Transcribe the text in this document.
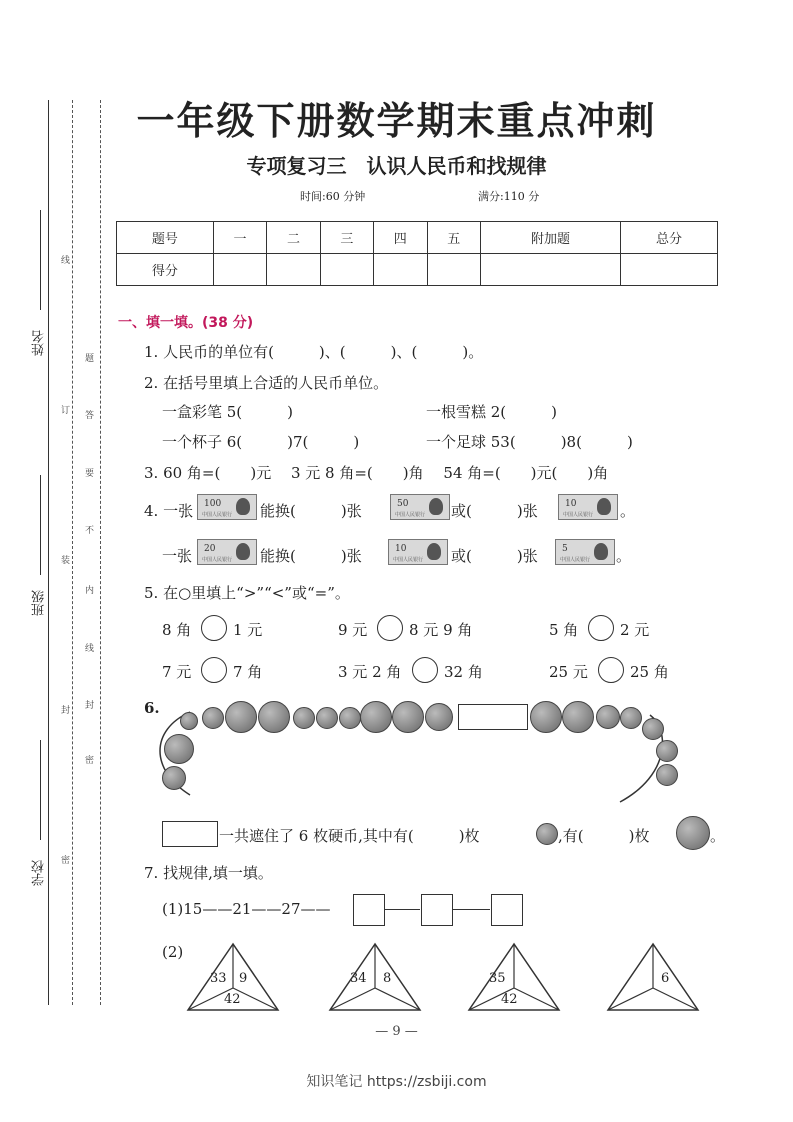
姓名
班级
学校
题
答
要
不
内
线
封
密
线
订
装
封
密
一年级下册数学期末重点冲刺
专项复习三　认识人民币和找规律
时间:60 分钟	满分:110 分
题号	一	二	三	四	五	附加题	总分
得分							
一、填一填。(38 分)
1. 人民币的单位有(　　　)、(　　　)、(　　　)。
2. 在括号里填上合适的人民币单位。
一盒彩笔 5(　　　)	一根雪糕 2(　　　)
一个杯子 6(　　　)7(　　　)	一个足球 53(　　　)8(　　　)
3. 60 角=(　　)元　 3 元 8 角=(　　)角　 54 角=(　　)元(　　)角
4. 一张 100
中国人民银行 能换(　　　)张	50
中国人民银行 或(　　　)张	10
中国人民银行 。
一张 20
中国人民银行 能换(　　　)张	10
中国人民银行 或(　　　)张	5
中国人民银行 。
5. 在○里填上“>”“<”或“=”。
8 角	1 元	9 元	8 元 9 角	5 角	2 元
7 元	7 角	3 元 2 角	32 角	25 元	25 角
6.
一共遮住了 6 枚硬币,其中有(　　　)枚	,有(　　　)枚	。
7. 找规律,填一填。
(1)15——21——27——
(2)
33 9
42
34 8	35
42
6
— 9 —
知识笔记 https://zsbiji.com
